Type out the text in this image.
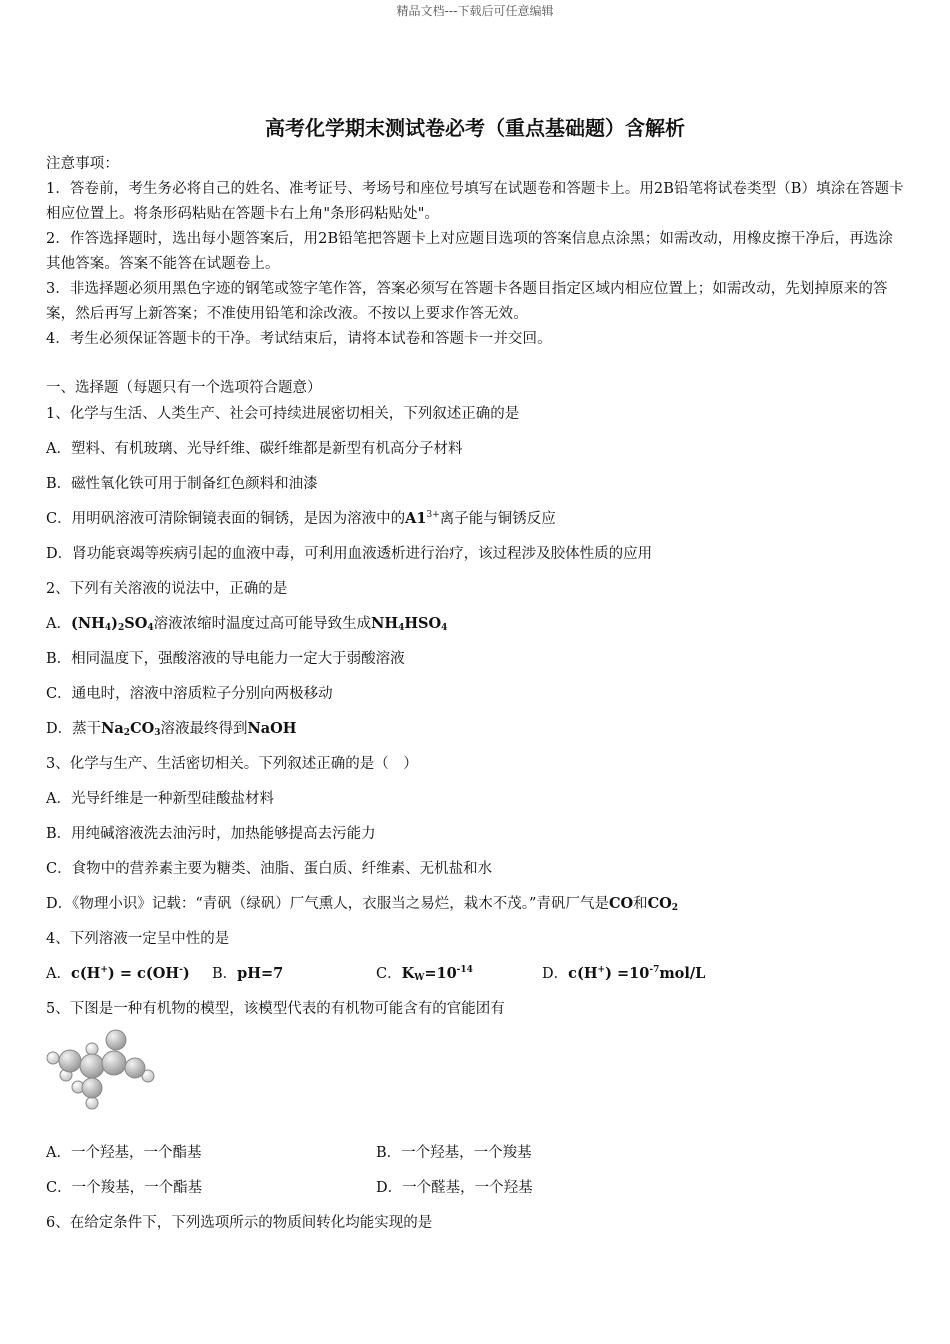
精品文档---下载后可任意编辑
高考化学期末测试卷必考（重点基础题）含解析

注意事项：

1．答卷前，考生务必将自己的姓名、准考证号、考场号和座位号填写在试题卷和答题卡上。用2B铅笔将试卷类型（B）填涂在答题卡相应位置上。将条形码粘贴在答题卡右上角"条形码粘贴处"。

2．作答选择题时，选出每小题答案后，用2B铅笔把答题卡上对应题目选项的答案信息点涂黑；如需改动，用橡皮擦干净后，再选涂其他答案。答案不能答在试题卷上。

3．非选择题必须用黑色字迹的钢笔或签字笔作答，答案必须写在答题卡各题目指定区域内相应位置上；如需改动，先划掉原来的答案，然后再写上新答案；不准使用铅笔和涂改液。不按以上要求作答无效。

4．考生必须保证答题卡的干净。考试结束后，请将本试卷和答题卡一并交回。

一、选择题（每题只有一个选项符合题意）
1、化学与生活、人类生产、社会可持续进展密切相关，下列叙述正确的是
A．塑料、有机玻璃、光导纤维、碳纤维都是新型有机高分子材料
B．磁性氧化铁可用于制备红色颜料和油漆
C．用明矾溶液可清除铜镜表面的铜锈，是因为溶液中的$A1^{3+}$离子能与铜锈反应
D．肾功能衰竭等疾病引起的血液中毒，可利用血液透析进行治疗，该过程涉及胶体性质的应用
2、下列有关溶液的说法中，正确的是
A．$(NH_4)_2SO_4$溶液浓缩时温度过高可能导致生成$NH_4HSO_4$
B．相同温度下，强酸溶液的导电能力一定大于弱酸溶液
C．通电时，溶液中溶质粒子分别向两极移动
D．蒸干$Na_2CO_3$溶液最终得到NaOH
3、化学与生产、生活密切相关。下列叙述正确的是（　）
A．光导纤维是一种新型硅酸盐材料
B．用纯碱溶液洗去油污时，加热能够提高去污能力
C．食物中的营养素主要为糖类、油脂、蛋白质、纤维素、无机盐和水
D．《物理小识》记载：“青矾（绿矾）厂气熏人，衣服当之易烂，栽木不茂。”青矾厂气是CO和$CO_2$
4、下列溶液一定呈中性的是
A．c(H+) = c(OH-) B．pH=7	C．$K_W=10^{-14}$	D．$c(H^+) =10^{-7}mol/L$
5、下图是一种有机物的模型，该模型代表的有机物可能含有的官能团有
A．一个羟基，一个酯基	B．一个羟基，一个羧基
C．一个羧基，一个酯基	D．一个醛基，一个羟基
6、在给定条件下，下列选项所示的物质间转化均能实现的是
